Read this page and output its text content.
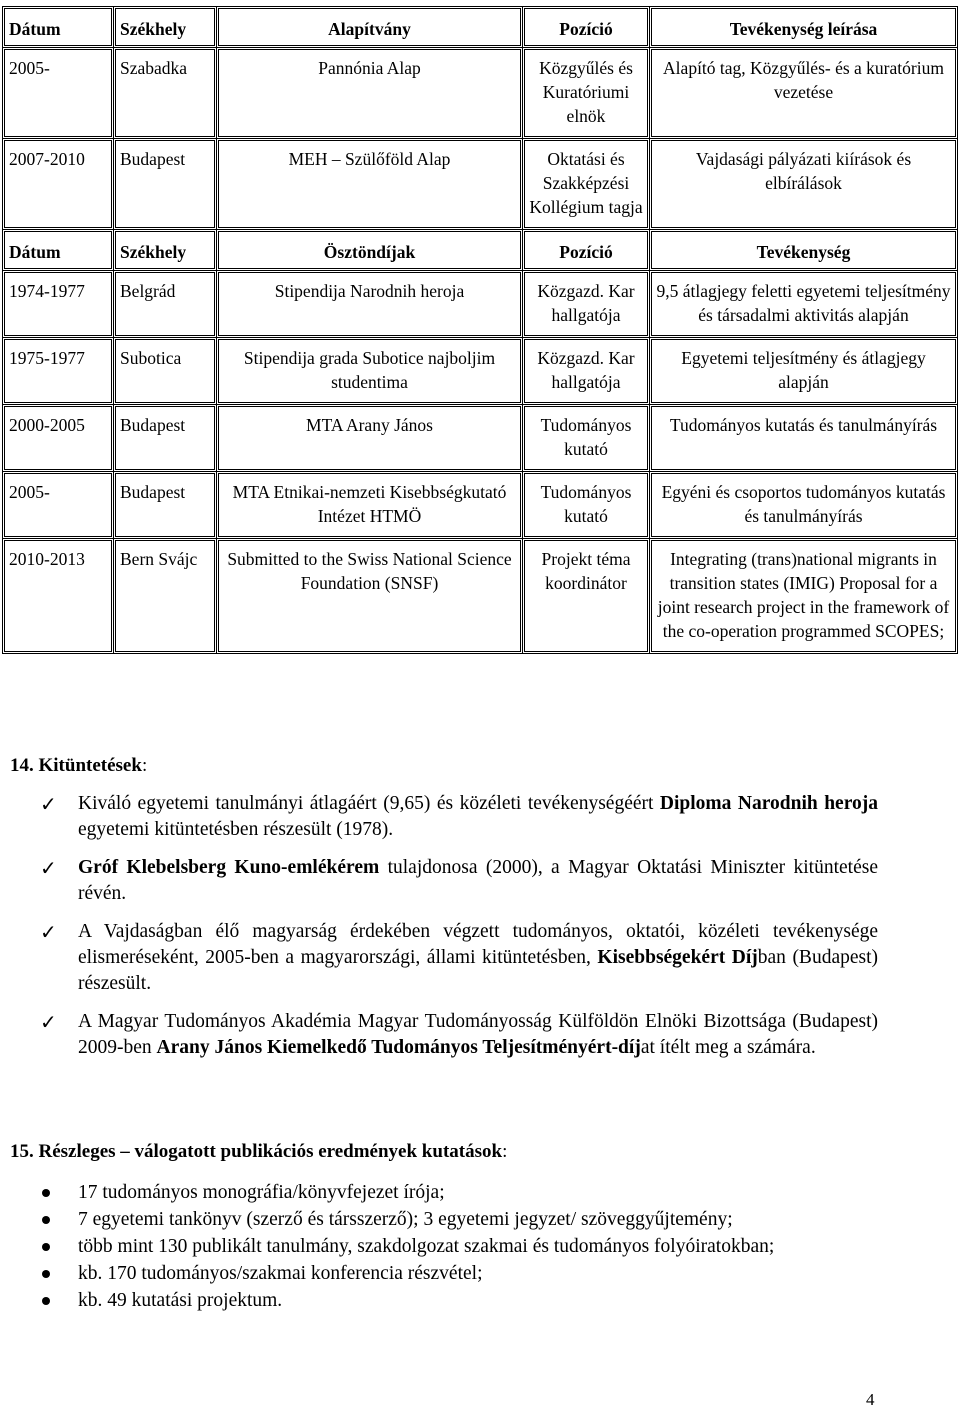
Dátum	Székhely	Alapítvány	Pozíció	Tevékenység leírása
2005-	Szabadka	Pannónia Alap	Közgyűlés és Kuratóriumi elnök	Alapító tag, Közgyűlés- és a kuratórium vezetése
2007-2010	Budapest	MEH – Szülőföld Alap	Oktatási és Szakképzési Kollégium tagja	Vajdasági pályázati kiírások és elbírálások
Dátum	Székhely	Ösztöndíjak	Pozíció	Tevékenység
1974-1977	Belgrád	Stipendija Narodnih heroja	Közgazd. Kar hallgatója	9,5 átlagjegy feletti egyetemi teljesítmény és társadalmi aktivitás alapján
1975-1977	Subotica	Stipendija grada Subotice najboljim studentima	Közgazd. Kar hallgatója	Egyetemi teljesítmény és átlagjegy alapján
2000-2005	Budapest	MTA Arany János	Tudományos kutató	Tudományos kutatás és tanulmányírás
2005-	Budapest	MTA Etnikai-nemzeti Kisebbségkutató Intézet HTMÖ	Tudományos kutató	Egyéni és csoportos tudományos kutatás és tanulmányírás
2010-2013	Bern Svájc	Submitted to the Swiss National Science Foundation (SNSF)	Projekt téma koordinátor	Integrating (trans)national migrants in transition states (IMIG) Proposal for a joint research project in the framework of the co-operation programmed SCOPES;
14. Kitüntetések:
✓ Kiváló egyetemi tanulmányi átlagáért (9,65) és közéleti tevékenységéért Diploma Narodnih heroja egyetemi kitüntetésben részesült (1978).
✓ Gróf Klebelsberg Kuno-emlékérem tulajdonosa (2000), a Magyar Oktatási Miniszter kitüntetése révén.
✓ A Vajdaságban élő magyarság érdekében végzett tudományos, oktatói, közéleti tevékenysége elismeréseként, 2005-ben a magyarországi, állami kitüntetésben, Kisebbségekért Díjban (Budapest) részesült.
✓ A Magyar Tudományos Akadémia Magyar Tudományosság Külföldön Elnöki Bizottsága (Budapest) 2009-ben Arany János Kiemelkedő Tudományos Teljesítményért-díjat ítélt meg a számára.
15. Részleges – válogatott publikációs eredmények kutatások:
17 tudományos monográfia/könyvfejezet írója;
7 egyetemi tankönyv (szerző és társszerző); 3 egyetemi jegyzet/ szöveggyűjtemény;
több mint 130 publikált tanulmány, szakdolgozat szakmai és tudományos folyóiratokban;
kb. 170 tudományos/szakmai konferencia részvétel;
kb. 49 kutatási projektum.
4
